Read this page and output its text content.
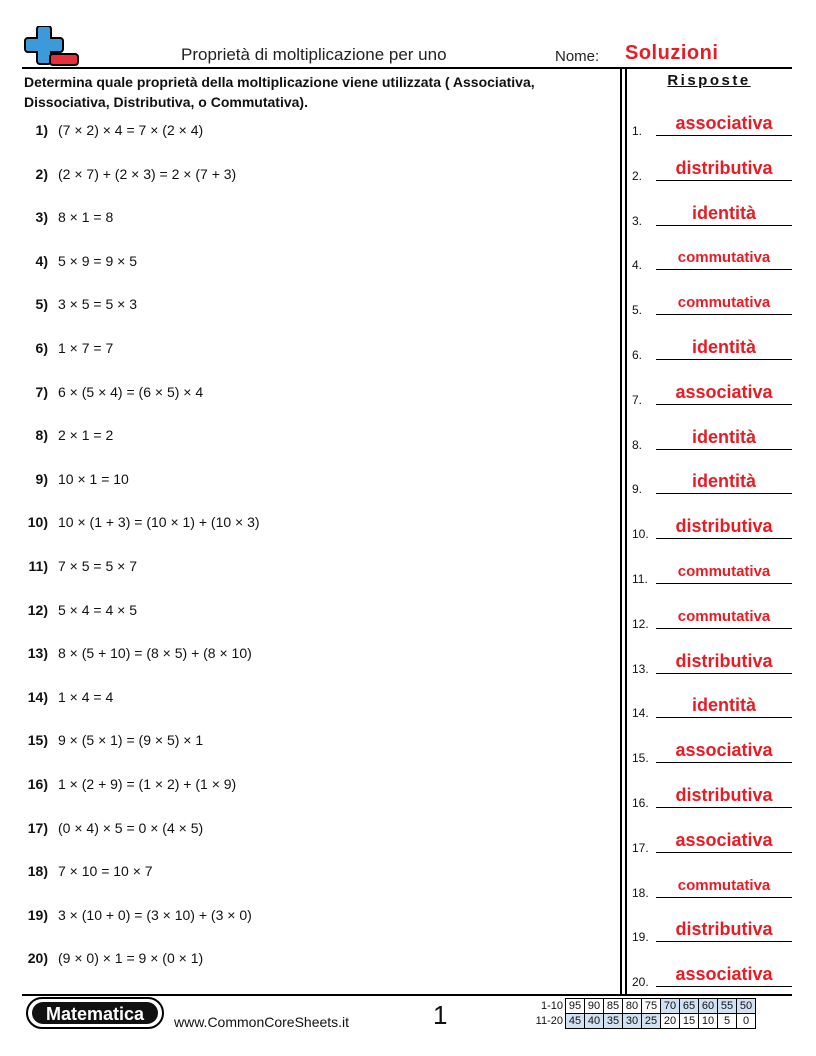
Proprietà di moltiplicazione per uno	Nome: Soluzioni
Determina quale proprietà della moltiplicazione viene utilizzata ( Associativa, Dissociativa, Distributiva, o Commutativa).
Risposte
1) (7 × 2) × 4 = 7 × (2 × 4)
2) (2 × 7) + (2 × 3) = 2 × (7 + 3)
3) 8 × 1 = 8
4) 5 × 9 = 9 × 5
5) 3 × 5 = 5 × 3
6) 1 × 7 = 7
7) 6 × (5 × 4) = (6 × 5) × 4
8) 2 × 1 = 2
9) 10 × 1 = 10
10) 10 × (1 + 3) = (10 × 1) + (10 × 3)
11) 7 × 5 = 5 × 7
12) 5 × 4 = 4 × 5
13) 8 × (5 + 10) = (8 × 5) + (8 × 10)
14) 1 × 4 = 4
15) 9 × (5 × 1) = (9 × 5) × 1
16) 1 × (2 + 9) = (1 × 2) + (1 × 9)
17) (0 × 4) × 5 = 0 × (4 × 5)
18) 7 × 10 = 10 × 7
19) 3 × (10 + 0) = (3 × 10) + (3 × 0)
20) (9 × 0) × 1 = 9 × (0 × 1)
1.	associativa
2.	distributiva
3.	identità
4.	commutativa
5.	commutativa
6.	identità
7.	associativa
8.	identità
9.	identità
10.	distributiva
11.	commutativa
12.	commutativa
13.	distributiva
14.	identità
15.	associativa
16.	distributiva
17.	associativa
18.	commutativa
19.	distributiva
20.	associativa
Matematica	www.CommonCoreSheets.it	1	1-10	95	90	85	80	75	70	65	60	55	50
11-20	45	40	35	30	25	20	15	10	5	0
